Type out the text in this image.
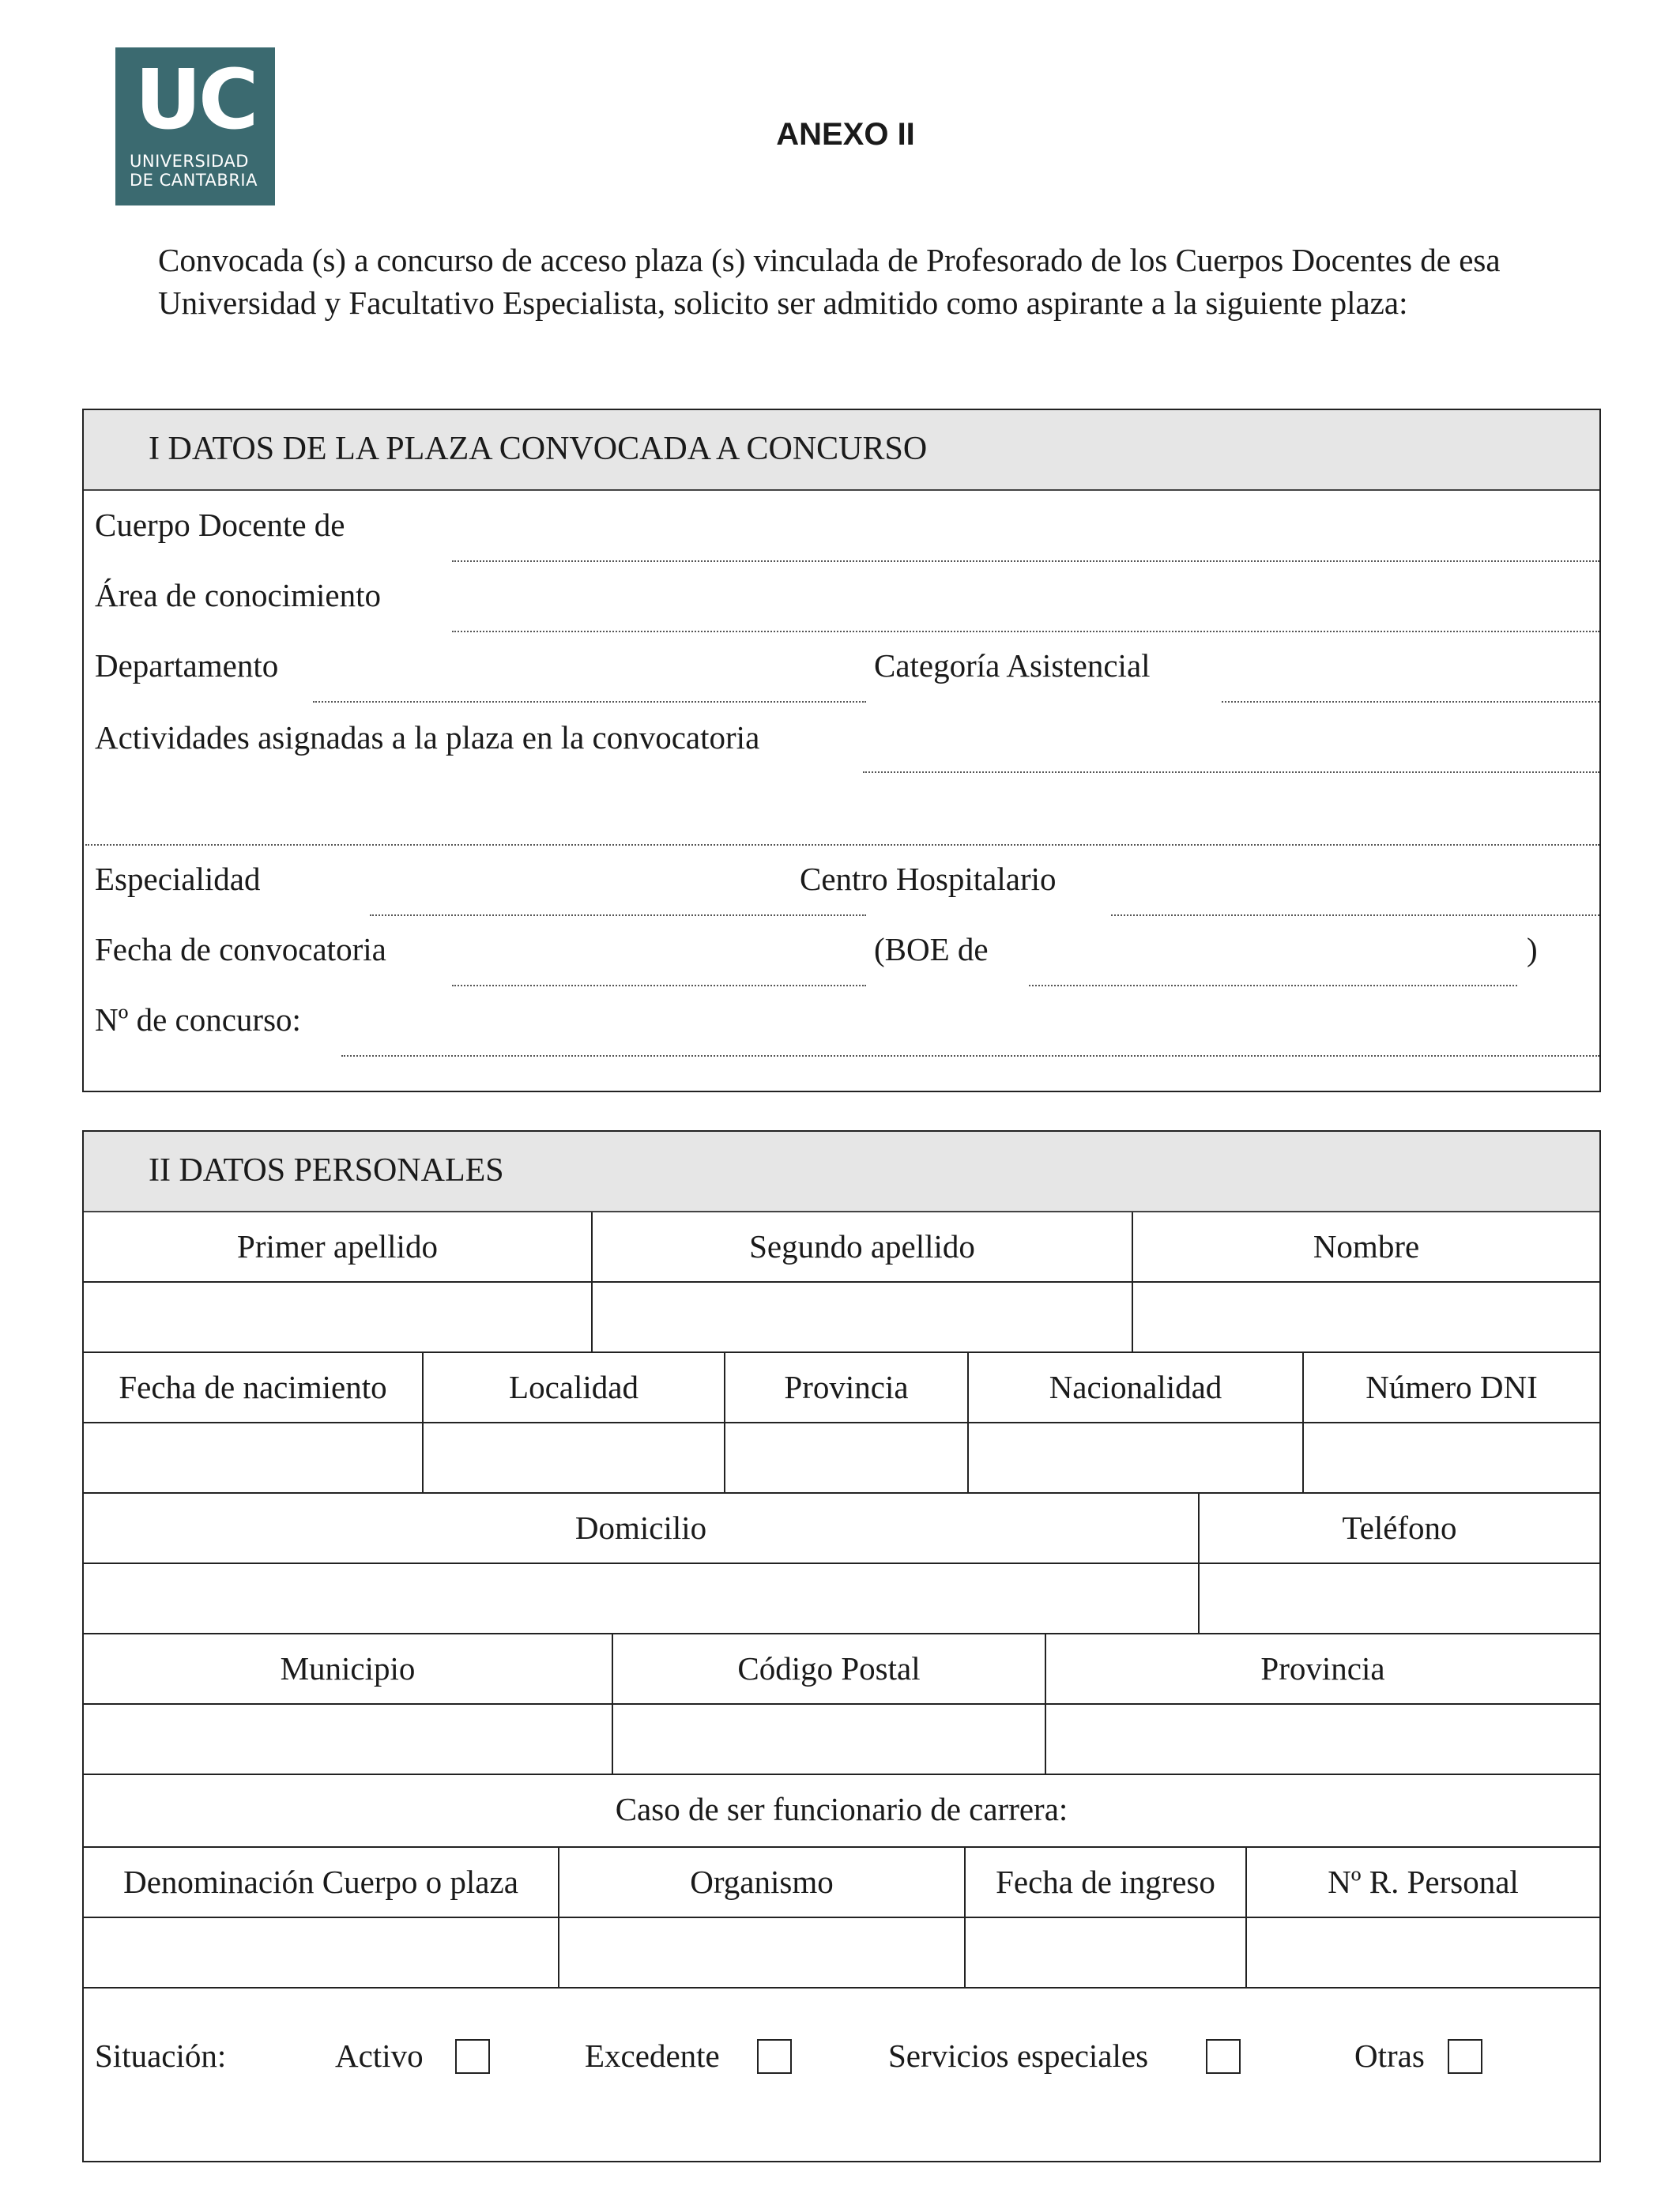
UC
UNIVERSIDAD
DE CANTABRIA
ANEXO II
Convocada (s) a concurso de acceso plaza (s) vinculada de Profesorado de los Cuerpos Docentes de esa Universidad y Facultativo Especialista, solicito ser admitido como aspirante a la siguiente plaza:
I DATOS DE LA PLAZA CONVOCADA A CONCURSO
Cuerpo Docente de
Área de conocimiento
Departamento	Categoría Asistencial
Actividades asignadas a la plaza en la convocatoria
Especialidad	Centro Hospitalario
Fecha de convocatoria	(BOE de	)
Nº de concurso:
II DATOS PERSONALES
Primer apellido	Segundo apellido	Nombre
Fecha de nacimiento	Localidad	Provincia	Nacionalidad	Número DNI
Domicilio	Teléfono
Municipio	Código Postal	Provincia
Caso de ser funcionario de carrera:
Denominación Cuerpo o plaza	Organismo	Fecha de ingreso	Nº R. Personal
Situación:	Activo	Excedente	Servicios especiales	Otras
